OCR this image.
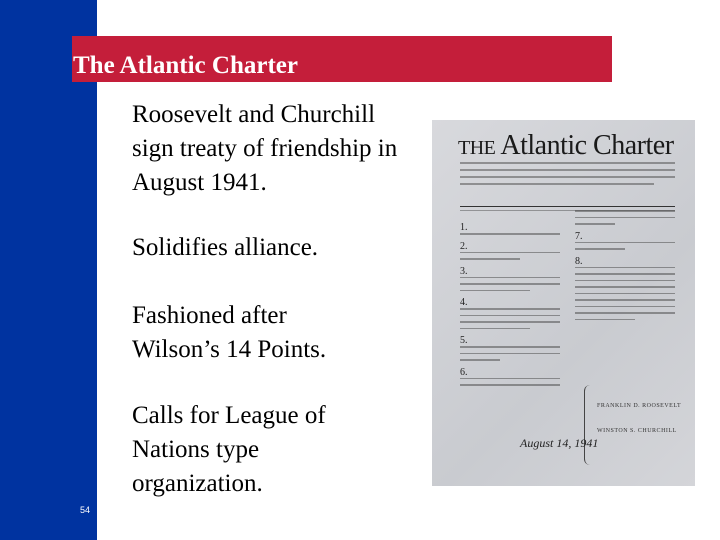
The Atlantic Charter
Roosevelt and Churchill sign treaty of friendship in August 1941.
Solidifies alliance.
Fashioned after Wilson’s 14 Points.
Calls for League of Nations type organization.
54
THE Atlantic Charter
1.
2.
3.
4.
5.
6.
7.
8.
FRANKLIN D. ROOSEVELT
WINSTON S. CHURCHILL
August 14, 1941
